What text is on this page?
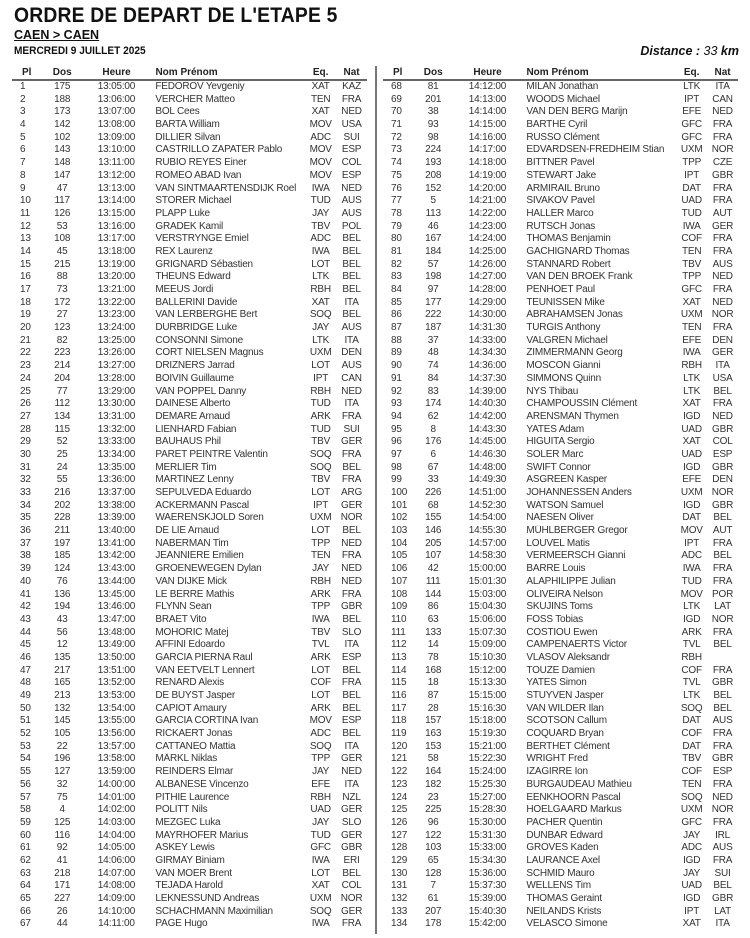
ORDRE DE DEPART DE L'ETAPE 5
CAEN > CAEN
MERCREDI 9 JUILLET 2025	Distance : 33 km
Pl	Dos	Heure	Nom Prénom	Eq.	Nat
1	175	13:05:00	FEDOROV Yevgeniy	XAT	KAZ
2	188	13:06:00	VERCHER Matteo	TEN	FRA
3	173	13:07:00	BOL Cees	XAT	NED
4	142	13:08:00	BARTA William	MOV USA
5	102	13:09:00	DILLIER Silvan	ADC	SUI
6	143	13:10:00	CASTRILLO ZAPATER Pablo	MOV	ESP
7	148	13:11:00	RUBIO REYES Einer	MOV COL
8	147	13:12:00	ROMEO ABAD Ivan	MOV	ESP
9	47	13:13:00	VAN SINTMAARTENSDIJK Roel	IWA	NED
10	117	13:14:00	STORER Michael	TUD	AUS
11	126	13:15:00	PLAPP Luke	JAY	AUS
12	53	13:16:00	GRADEK Kamil	TBV	POL
13	108	13:17:00	VERSTRYNGE Emiel	ADC	BEL
14	45	13:18:00	REX Laurenz	IWA	BEL
15	215	13:19:00	GRIGNARD Sébastien	LOT	BEL
16	88	13:20:00	THEUNS Edward	LTK	BEL
17	73	13:21:00	MEEUS Jordi	RBH	BEL
18	172	13:22:00	BALLERINI Davide	XAT	ITA
19	27	13:23:00	VAN LERBERGHE Bert	SOQ	BEL
20	123	13:24:00	DURBRIDGE Luke	JAY	AUS
21	82	13:25:00	CONSONNI Simone	LTK	ITA
22	223	13:26:00	CORT NIELSEN Magnus	UXM DEN
23	214	13:27:00	DRIZNERS Jarrad	LOT	AUS
24	204	13:28:00	BOIVIN Guillaume	IPT	CAN
25	77	13:29:00	VAN POPPEL Danny	RBH	NED
26	112	13:30:00	DAINESE Alberto	TUD	ITA
27	134	13:31:00	DEMARE Arnaud	ARK	FRA
28	115	13:32:00	LIENHARD Fabian	TUD	SUI
29	52	13:33:00	BAUHAUS Phil	TBV	GER
30	25	13:34:00	PARET PEINTRE Valentin	SOQ	FRA
31	24	13:35:00	MERLIER Tim	SOQ	BEL
32	55	13:36:00	MARTINEZ Lenny	TBV	FRA
33	216	13:37:00	SEPULVEDA Eduardo	LOT	ARG
34	202	13:38:00	ACKERMANN Pascal	IPT	GER
35	228	13:39:00	WAERENSKJOLD Soren	UXM NOR
36	211	13:40:00	DE LIE Arnaud	LOT	BEL
37	197	13:41:00	NABERMAN Tim	TPP	NED
38	185	13:42:00	JEANNIERE Emilien	TEN	FRA
39	124	13:43:00	GROENEWEGEN Dylan	JAY	NED
40	76	13:44:00	VAN DIJKE Mick	RBH	NED
41	136	13:45:00	LE BERRE Mathis	ARK	FRA
42	194	13:46:00	FLYNN Sean	TPP	GBR
43	43	13:47:00	BRAET Vito	IWA	BEL
44	56	13:48:00	MOHORIC Matej	TBV	SLO
45	12	13:49:00	AFFINI Edoardo	TVL	ITA
46	135	13:50:00	GARCIA PIERNA Raul	ARK	ESP
47	217	13:51:00	VAN EETVELT Lennert	LOT	BEL
48	165	13:52:00	RENARD Alexis	COF	FRA
49	213	13:53:00	DE BUYST Jasper	LOT	BEL
50	132	13:54:00	CAPIOT Amaury	ARK	BEL
51	145	13:55:00	GARCIA CORTINA Ivan	MOV	ESP
52	105	13:56:00	RICKAERT Jonas	ADC	BEL
53	22	13:57:00	CATTANEO Mattia	SOQ	ITA
54	196	13:58:00	MÄRKL Niklas	TPP	GER
55	127	13:59:00	REINDERS Elmar	JAY	NED
56	32	14:00:00	ALBANESE Vincenzo	EFE	ITA
57	75	14:01:00	PITHIE Laurence	RBH	NZL
58	4	14:02:00	POLITT Nils	UAD	GER
59	125	14:03:00	MEZGEC Luka	JAY	SLO
60	116	14:04:00	MAYRHOFER Marius	TUD	GER
61	92	14:05:00	ASKEY Lewis	GFC	GBR
62	41	14:06:00	GIRMAY Biniam	IWA	ERI
63	218	14:07:00	VAN MOER Brent	LOT	BEL
64	171	14:08:00	TEJADA Harold	XAT	COL
65	227	14:09:00	LEKNESSUND Andreas	UXM NOR
66	26	14:10:00	SCHACHMANN Maximilian	SOQ GER
67	44	14:11:00	PAGE Hugo	IWA	FRA
Pl	Dos	Heure	Nom Prénom	Eq.	Nat
68	81	14:12:00	MILAN Jonathan	LTK	ITA
69	201	14:13:00	WOODS Michael	IPT	CAN
70	38	14:14:00	VAN DEN BERG Marijn	EFE	NED
71	93	14:15:00	BARTHE Cyril	GFC	FRA
72	98	14:16:00	RUSSO Clément	GFC	FRA
73	224	14:17:00	EDVARDSEN-FREDHEIM Stian	UXM NOR
74	193	14:18:00	BITTNER Pavel	TPP	CZE
75	208	14:19:00	STEWART Jake	IPT	GBR
76	152	14:20:00	ARMIRAIL Bruno	DAT	FRA
77	5	14:21:00	SIVAKOV Pavel	UAD	FRA
78	113	14:22:00	HALLER Marco	TUD	AUT
79	46	14:23:00	RUTSCH Jonas	IWA	GER
80	167	14:24:00	THOMAS Benjamin	COF	FRA
81	184	14:25:00	GACHIGNARD Thomas	TEN	FRA
82	57	14:26:00	STANNARD Robert	TBV	AUS
83	198	14:27:00	VAN DEN BROEK Frank	TPP	NED
84	97	14:28:00	PENHOET Paul	GFC	FRA
85	177	14:29:00	TEUNISSEN Mike	XAT	NED
86	222	14:30:00	ABRAHAMSEN Jonas	UXM NOR
87	187	14:31:30	TURGIS Anthony	TEN	FRA
88	37	14:33:00	VALGREN Michael	EFE	DEN
89	48	14:34:30	ZIMMERMANN Georg	IWA	GER
90	74	14:36:00	MOSCON Gianni	RBH	ITA
91	84	14:37:30	SIMMONS Quinn	LTK	USA
92	83	14:39:00	NYS Thibau	LTK	BEL
93	174	14:40:30	CHAMPOUSSIN Clément	XAT	FRA
94	62	14:42:00	ARENSMAN Thymen	IGD	NED
95	8	14:43:30	YATES Adam	UAD	GBR
96	176	14:45:00	HIGUITA Sergio	XAT	COL
97	6	14:46:30	SOLER Marc	UAD	ESP
98	67	14:48:00	SWIFT Connor	IGD	GBR
99	33	14:49:30	ASGREEN Kasper	EFE	DEN
100	226	14:51:00	JOHANNESSEN Anders	UXM NOR
101	68	14:52:30	WATSON Samuel	IGD	GBR
102	155	14:54:00	NAESEN Oliver	DAT	BEL
103	146	14:55:30	MÜHLBERGER Gregor	MOV	AUT
104	205	14:57:00	LOUVEL Matis	IPT	FRA
105	107	14:58:30	VERMEERSCH Gianni	ADC	BEL
106	42	15:00:00	BARRE Louis	IWA	FRA
107	111	15:01:30	ALAPHILIPPE Julian	TUD	FRA
108	144	15:03:00	OLIVEIRA Nelson	MOV POR
109	86	15:04:30	SKUJINS Toms	LTK	LAT
110	63	15:06:00	FOSS Tobias	IGD	NOR
111	133	15:07:30	COSTIOU Ewen	ARK	FRA
112	14	15:09:00	CAMPENAERTS Victor	TVL	BEL
113	78	15:10:30	VLASOV Aleksandr	RBH
114	168	15:12:00	TOUZE Damien	COF	FRA
115	18	15:13:30	YATES Simon	TVL	GBR
116	87	15:15:00	STUYVEN Jasper	LTK	BEL
117	28	15:16:30	VAN WILDER Ilan	SOQ	BEL
118	157	15:18:00	SCOTSON Callum	DAT	AUS
119	163	15:19:30	COQUARD Bryan	COF	FRA
120	153	15:21:00	BERTHET Clément	DAT	FRA
121	58	15:22:30	WRIGHT Fred	TBV	GBR
122	164	15:24:00	IZAGIRRE Ion	COF	ESP
123	182	15:25:30	BURGAUDEAU Mathieu	TEN	FRA
124	23	15:27:00	EENKHOORN Pascal	SOQ NED
125	225	15:28:30	HOELGAARD Markus	UXM NOR
126	96	15:30:00	PACHER Quentin	GFC	FRA
127	122	15:31:30	DUNBAR Edward	JAY	IRL
128	103	15:33:00	GROVES Kaden	ADC	AUS
129	65	15:34:30	LAURANCE Axel	IGD	FRA
130	128	15:36:00	SCHMID Mauro	JAY	SUI
131	7	15:37:30	WELLENS Tim	UAD	BEL
132	61	15:39:00	THOMAS Geraint	IGD	GBR
133	207	15:40:30	NEILANDS Krists	IPT	LAT
134	178	15:42:00	VELASCO Simone	XAT	ITA
